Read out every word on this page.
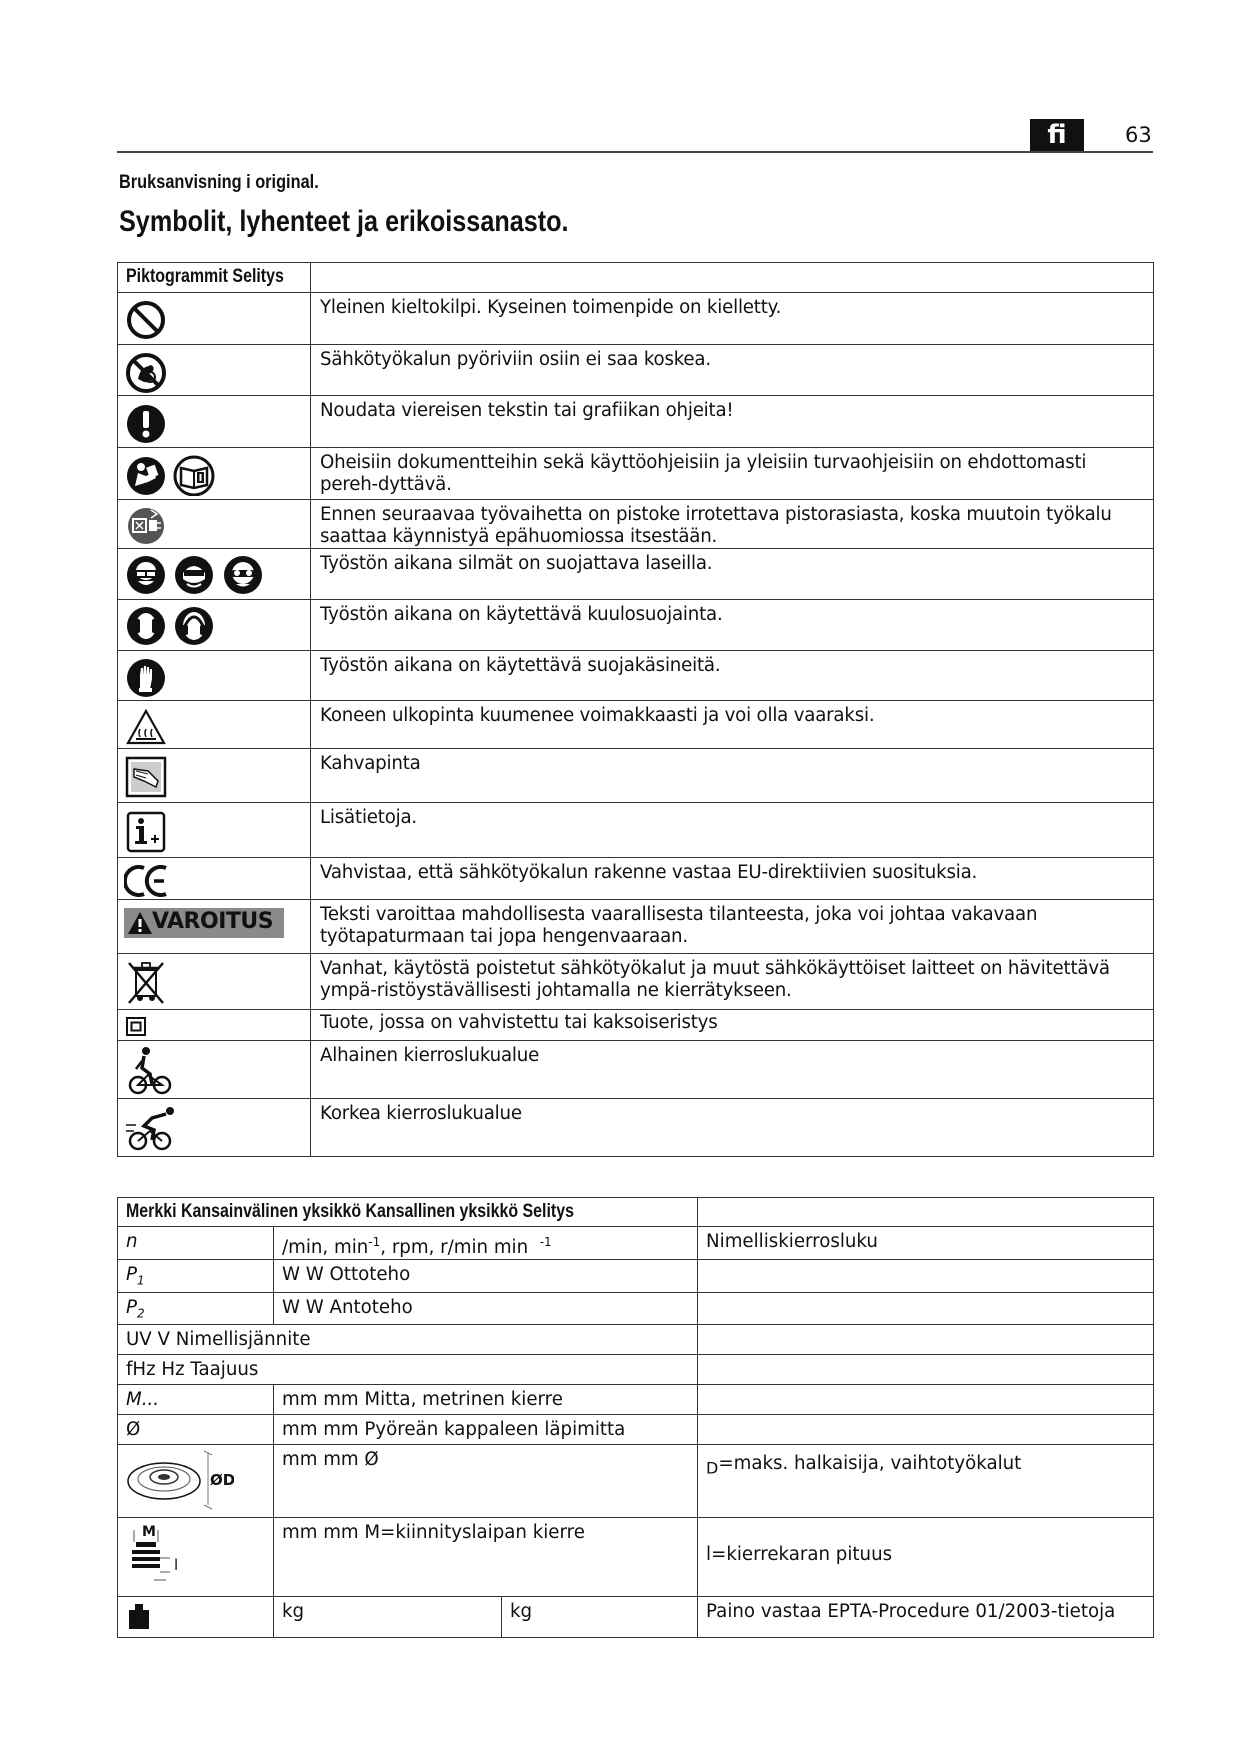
fi	63
Bruksanvisning i original.
Symbolit, lyhenteet ja erikoissanasto.
Piktogrammit Selitys	
	Yleinen kieltokilpi. Kyseinen toimenpide on kielletty.
	Sähkötyökalun pyöriviin osiin ei saa koskea.
	Noudata viereisen tekstin tai grafiikan ohjeita!
	Oheisiin dokumentteihin sekä käyttöohjeisiin ja yleisiin turvaohjeisiin on ehdottomasti pereh-dyttävä.
	Ennen seuraavaa työvaihetta on pistoke irrotettava pistorasiasta, koska muutoin työkalu saattaa käynnistyä epähuomiossa itsestään.
	Työstön aikana silmät on suojattava laseilla.
	Työstön aikana on käytettävä kuulosuojainta.
	Työstön aikana on käytettävä suojakäsineitä.
	Koneen ulkopinta kuumenee voimakkaasti ja voi olla vaaraksi.
	Kahvapinta
	Lisätietoja.
	Vahvistaa, että sähkötyökalun rakenne vastaa EU-direktiivien suosituksia.

VAROITUS	Teksti varoittaa mahdollisesta vaarallisesta tilanteesta, joka voi johtaa vakavaan työtapaturmaan tai jopa hengenvaaraan.
	Vanhat, käytöstä poistetut sähkötyökalut ja muut sähkökäyttöiset laitteet on hävitettävä ympä-ristöystävällisesti johtamalla ne kierrätykseen.
	Tuote, jossa on vahvistettu tai kaksoiseristys
	Alhainen kierroslukualue
	Korkea kierroslukualue
Merkki Kansainvälinen yksikkö Kansallinen yksikkö Selitys			
n	/min, $\min^{-1}$, rpm, r/min min $^{-1}$		Nimelliskierrosluku
$P_1$	W W Ottoteho		
$P_2$	W W Antoteho		
UV V Nimellisjännite			
fHz Hz Taajuus			
M...	mm mm Mitta, metrinen kierre		
Ø	mm mm Pyöreän kappaleen läpimitta		

ØD	mm mm Ø		$_D$=maks. halkaisija, vaihtotyökalut

M
l	mm mm M=kiinnityslaipan kierre		l=kierrekaran pituus
	kg	kg	Paino vastaa EPTA-Procedure 01/2003-tietoja
